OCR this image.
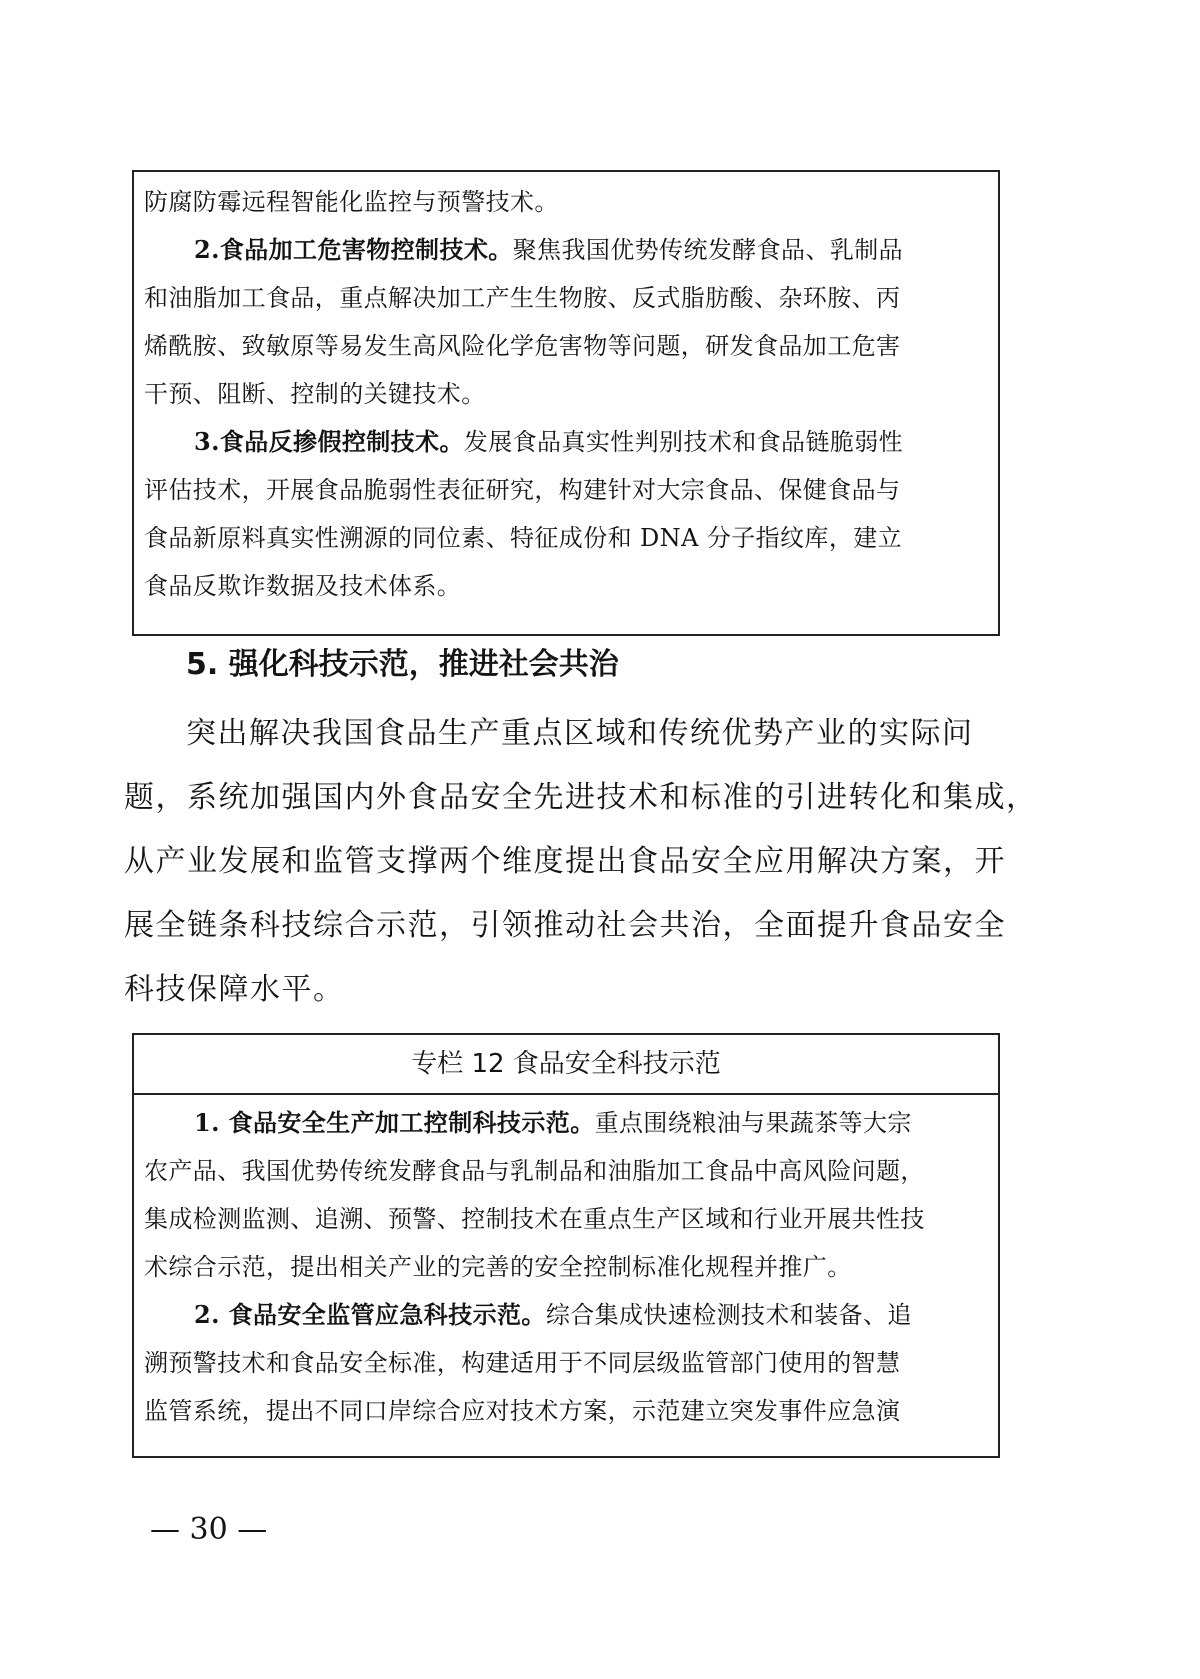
防腐防霉远程智能化监控与预警技术。
2.食品加工危害物控制技术。聚焦我国优势传统发酵食品、乳制品
和油脂加工食品，重点解决加工产生生物胺、反式脂肪酸、杂环胺、丙
烯酰胺、致敏原等易发生高风险化学危害物等问题，研发食品加工危害
干预、阻断、控制的关键技术。
3.食品反掺假控制技术。发展食品真实性判别技术和食品链脆弱性
评估技术，开展食品脆弱性表征研究，构建针对大宗食品、保健食品与
食品新原料真实性溯源的同位素、特征成份和 DNA 分子指纹库，建立
食品反欺诈数据及技术体系。
5. 强化科技示范，推进社会共治
突出解决我国食品生产重点区域和传统优势产业的实际问
题，系统加强国内外食品安全先进技术和标准的引进转化和集成，
从产业发展和监管支撑两个维度提出食品安全应用解决方案，开
展全链条科技综合示范，引领推动社会共治，全面提升食品安全
科技保障水平。
专栏 12 食品安全科技示范
1. 食品安全生产加工控制科技示范。重点围绕粮油与果蔬茶等大宗
农产品、我国优势传统发酵食品与乳制品和油脂加工食品中高风险问题，
集成检测监测、追溯、预警、控制技术在重点生产区域和行业开展共性技
术综合示范，提出相关产业的完善的安全控制标准化规程并推广。
2. 食品安全监管应急科技示范。综合集成快速检测技术和装备、追
溯预警技术和食品安全标准，构建适用于不同层级监管部门使用的智慧
监管系统，提出不同口岸综合应对技术方案，示范建立突发事件应急演
— 30 —
